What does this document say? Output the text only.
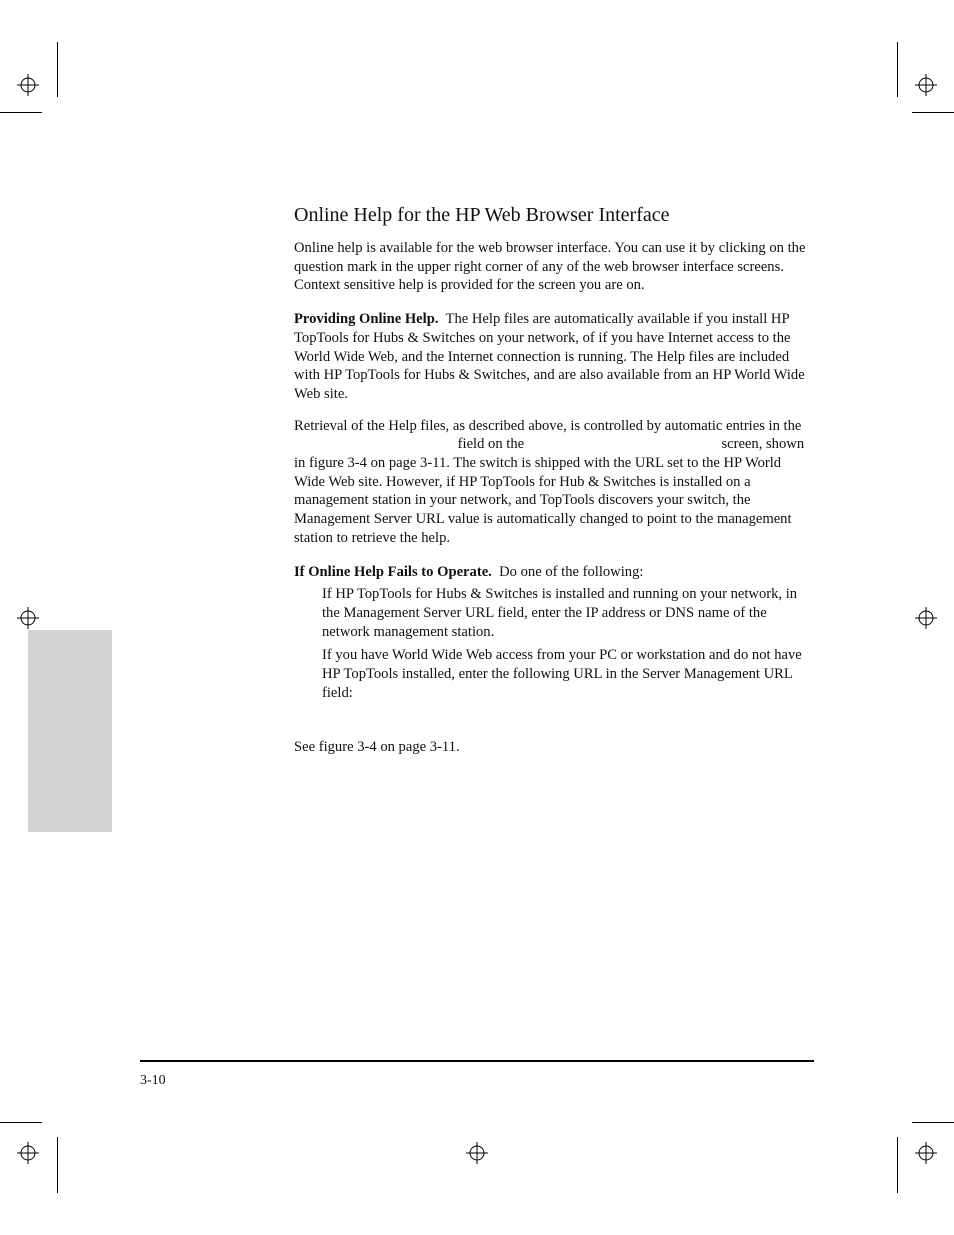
Online Help for the HP Web Browser Interface

Online help is available for the web browser interface. You can use it by clicking on the question mark in the upper right corner of any of the web browser interface screens. Context sensitive help is provided for the screen you are on.

Providing Online Help. The Help files are automatically available if you install HP TopTools for Hubs & Switches on your network, of if you have Internet access to the World Wide Web, and the Internet connection is running. The Help files are included with HP TopTools for Hubs & Switches, and are also available from an HP World Wide Web site.

Retrieval of the Help files, as described above, is controlled by automatic entries in the  field on the	screen, shown in figure 3-4 on page 3-11. The switch is shipped with the URL set to the HP World Wide Web site. However, if HP TopTools for Hub & Switches is installed on a management station in your network, and TopTools discovers your switch, the Management Server URL value is automatically changed to point to the management station to retrieve the help.

If Online Help Fails to Operate. Do one of the following:

If HP TopTools for Hubs & Switches is installed and running on your network, in the Management Server URL field, enter the IP address or DNS name of the network management station.

If you have World Wide Web access from your PC or workstation and do not have HP TopTools installed, enter the following URL in the Server Management URL field:

See figure 3-4 on page 3-11.

3-10
